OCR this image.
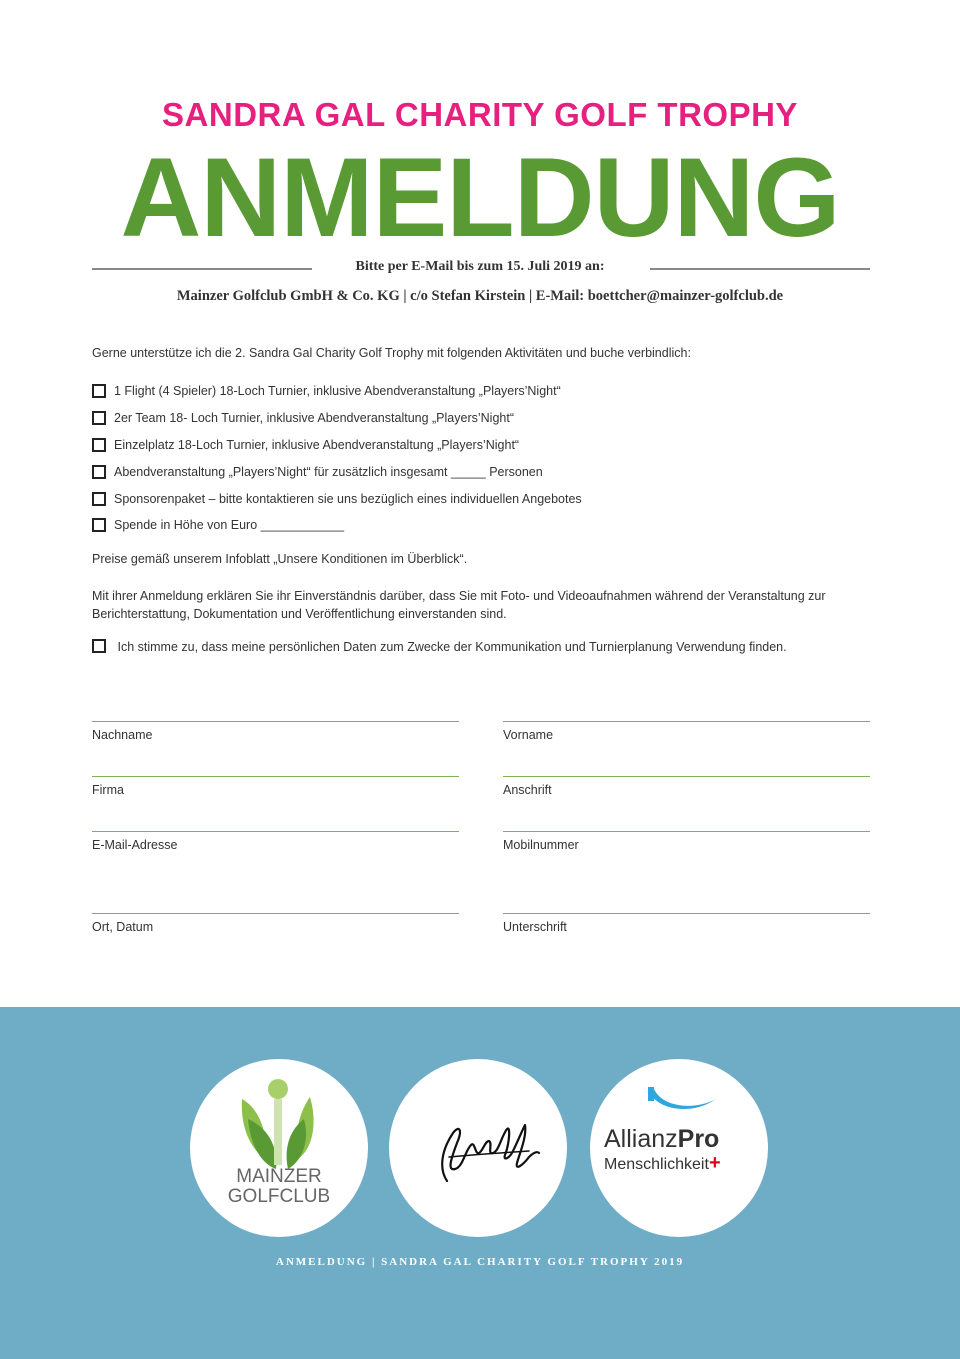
SANDRA GAL CHARITY GOLF TROPHY
ANMELDUNG
Bitte per E-Mail bis zum 15. Juli 2019 an:
Mainzer Golfclub GmbH & Co. KG | c/o Stefan Kirstein | E-Mail: boettcher@mainzer-golfclub.de
Gerne unterstütze ich die 2. Sandra Gal Charity Golf Trophy mit folgenden Aktivitäten und buche verbindlich:
1 Flight (4 Spieler) 18-Loch Turnier, inklusive Abendveranstaltung „Players’Night“
2er Team 18- Loch Turnier, inklusive Abendveranstaltung „Players’Night“
Einzelplatz 18-Loch Turnier, inklusive Abendveranstaltung „Players’Night“
Abendveranstaltung „Players’Night“ für zusätzlich insgesamt _____ Personen
Sponsorenpaket – bitte kontaktieren sie uns bezüglich eines individuellen Angebotes
Spende in Höhe von Euro ____________
Preise gemäß unserem Infoblatt „Unsere Konditionen im Überblick“.
Mit ihrer Anmeldung erklären Sie ihr Einverständnis darüber, dass Sie mit Foto- und Videoaufnahmen während der Veranstaltung zur Berichterstattung, Dokumentation und Veröffentlichung einverstanden sind.
Ich stimme zu, dass meine persönlichen Daten zum Zwecke der Kommunikation und Turnierplanung Verwendung finden.
Nachname	Vorname
Firma	Anschrift
E-Mail-Adresse	Mobilnummer
Ort, Datum	Unterschrift
MAINZER
GOLFCLUB
AllianzPro
Menschlichkeit+
ANMELDUNG | SANDRA GAL CHARITY GOLF TROPHY 2019
